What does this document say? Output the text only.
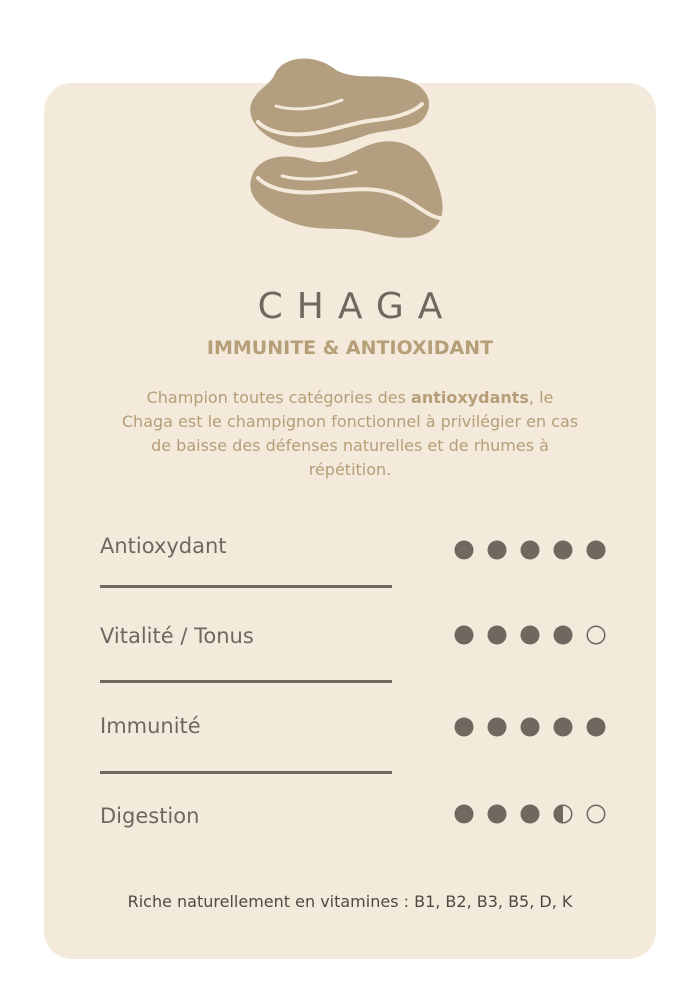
CHAGA
IMMUNITE & ANTIOXIDANT
Champion toutes catégories des antioxydants, le Chaga est le champignon fonctionnel à privilégier en cas de baisse des défenses naturelles et de rhumes à répétition.
Antioxydant
Vitalité / Tonus
Immunité
Digestion
Riche naturellement en vitamines : B1, B2, B3, B5, D, K
